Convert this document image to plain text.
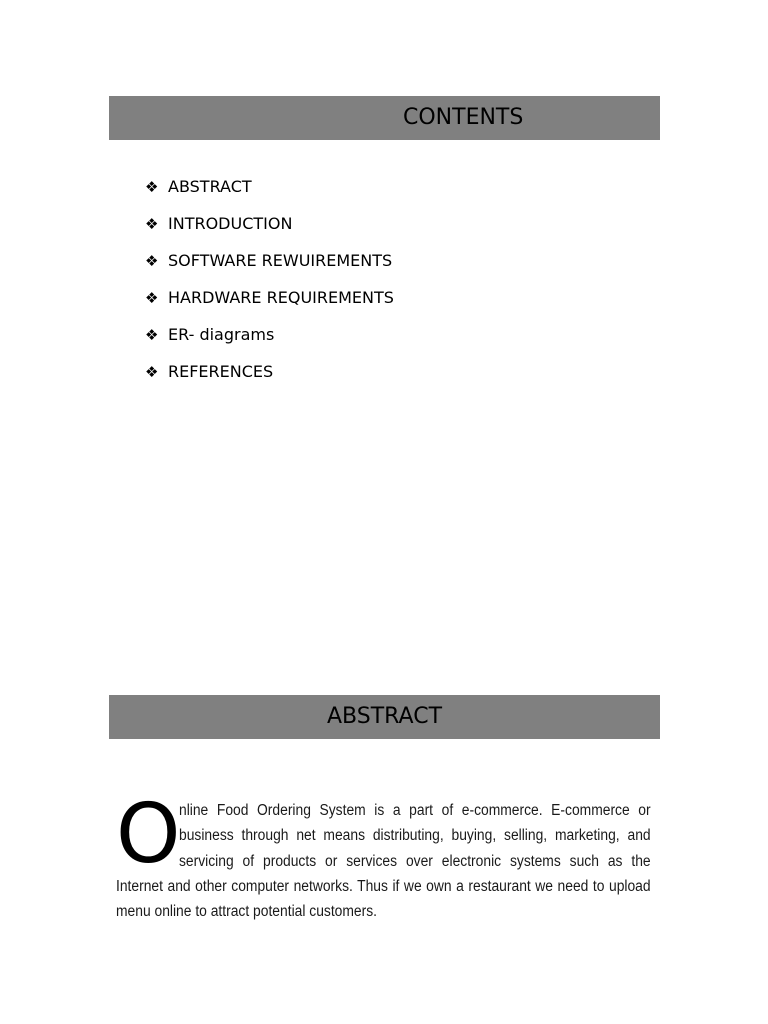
CONTENTS
❖ ABSTRACT
❖ INTRODUCTION
❖ SOFTWARE REWUIREMENTS
❖ HARDWARE REQUIREMENTS
❖ ER- diagrams
❖ REFERENCES
ABSTRACT
O
nline Food Ordering System is a part of e-commerce. E-commerce or business through net means distributing, buying, selling, marketing, and servicing of products or services over electronic systems such as the Internet and other computer networks. Thus if we own a restaurant we need to upload menu online to attract potential customers.
